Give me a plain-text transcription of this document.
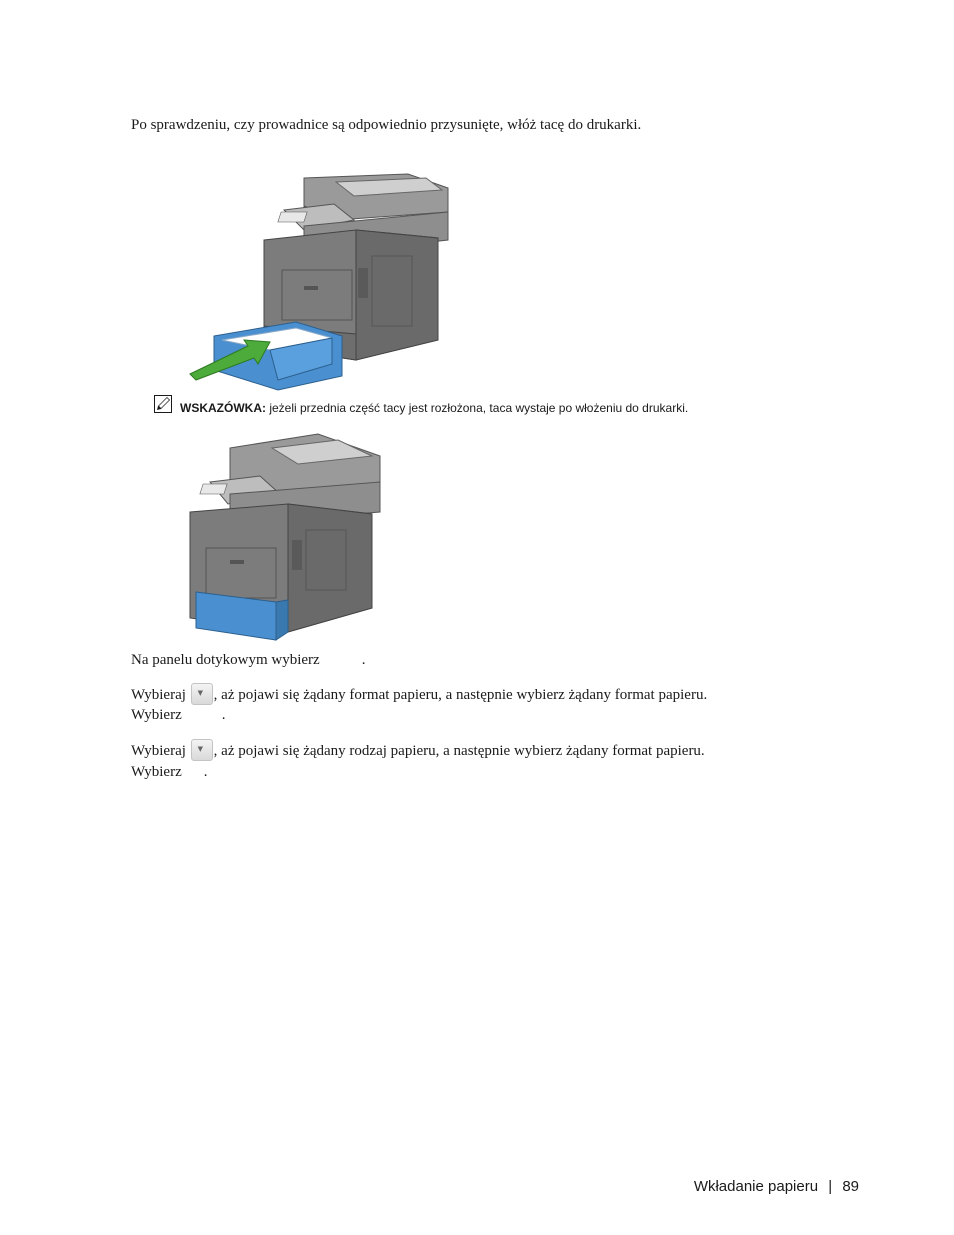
Po sprawdzeniu, czy prowadnice są odpowiednio przysunięte, włóż tacę do drukarki.
WSKAZÓWKA: jeżeli przednia część tacy jest rozłożona, taca wystaje po włożeniu do drukarki.
Na panelu dotykowym wybierz	.
Wybieraj ▼ , aż pojawi się żądany format papieru, a następnie wybierz żądany format papieru.
Wybierz	.
Wybieraj ▼ , aż pojawi się żądany rodzaj papieru, a następnie wybierz żądany format papieru.
Wybierz .
Wkładanie papieru | 89
